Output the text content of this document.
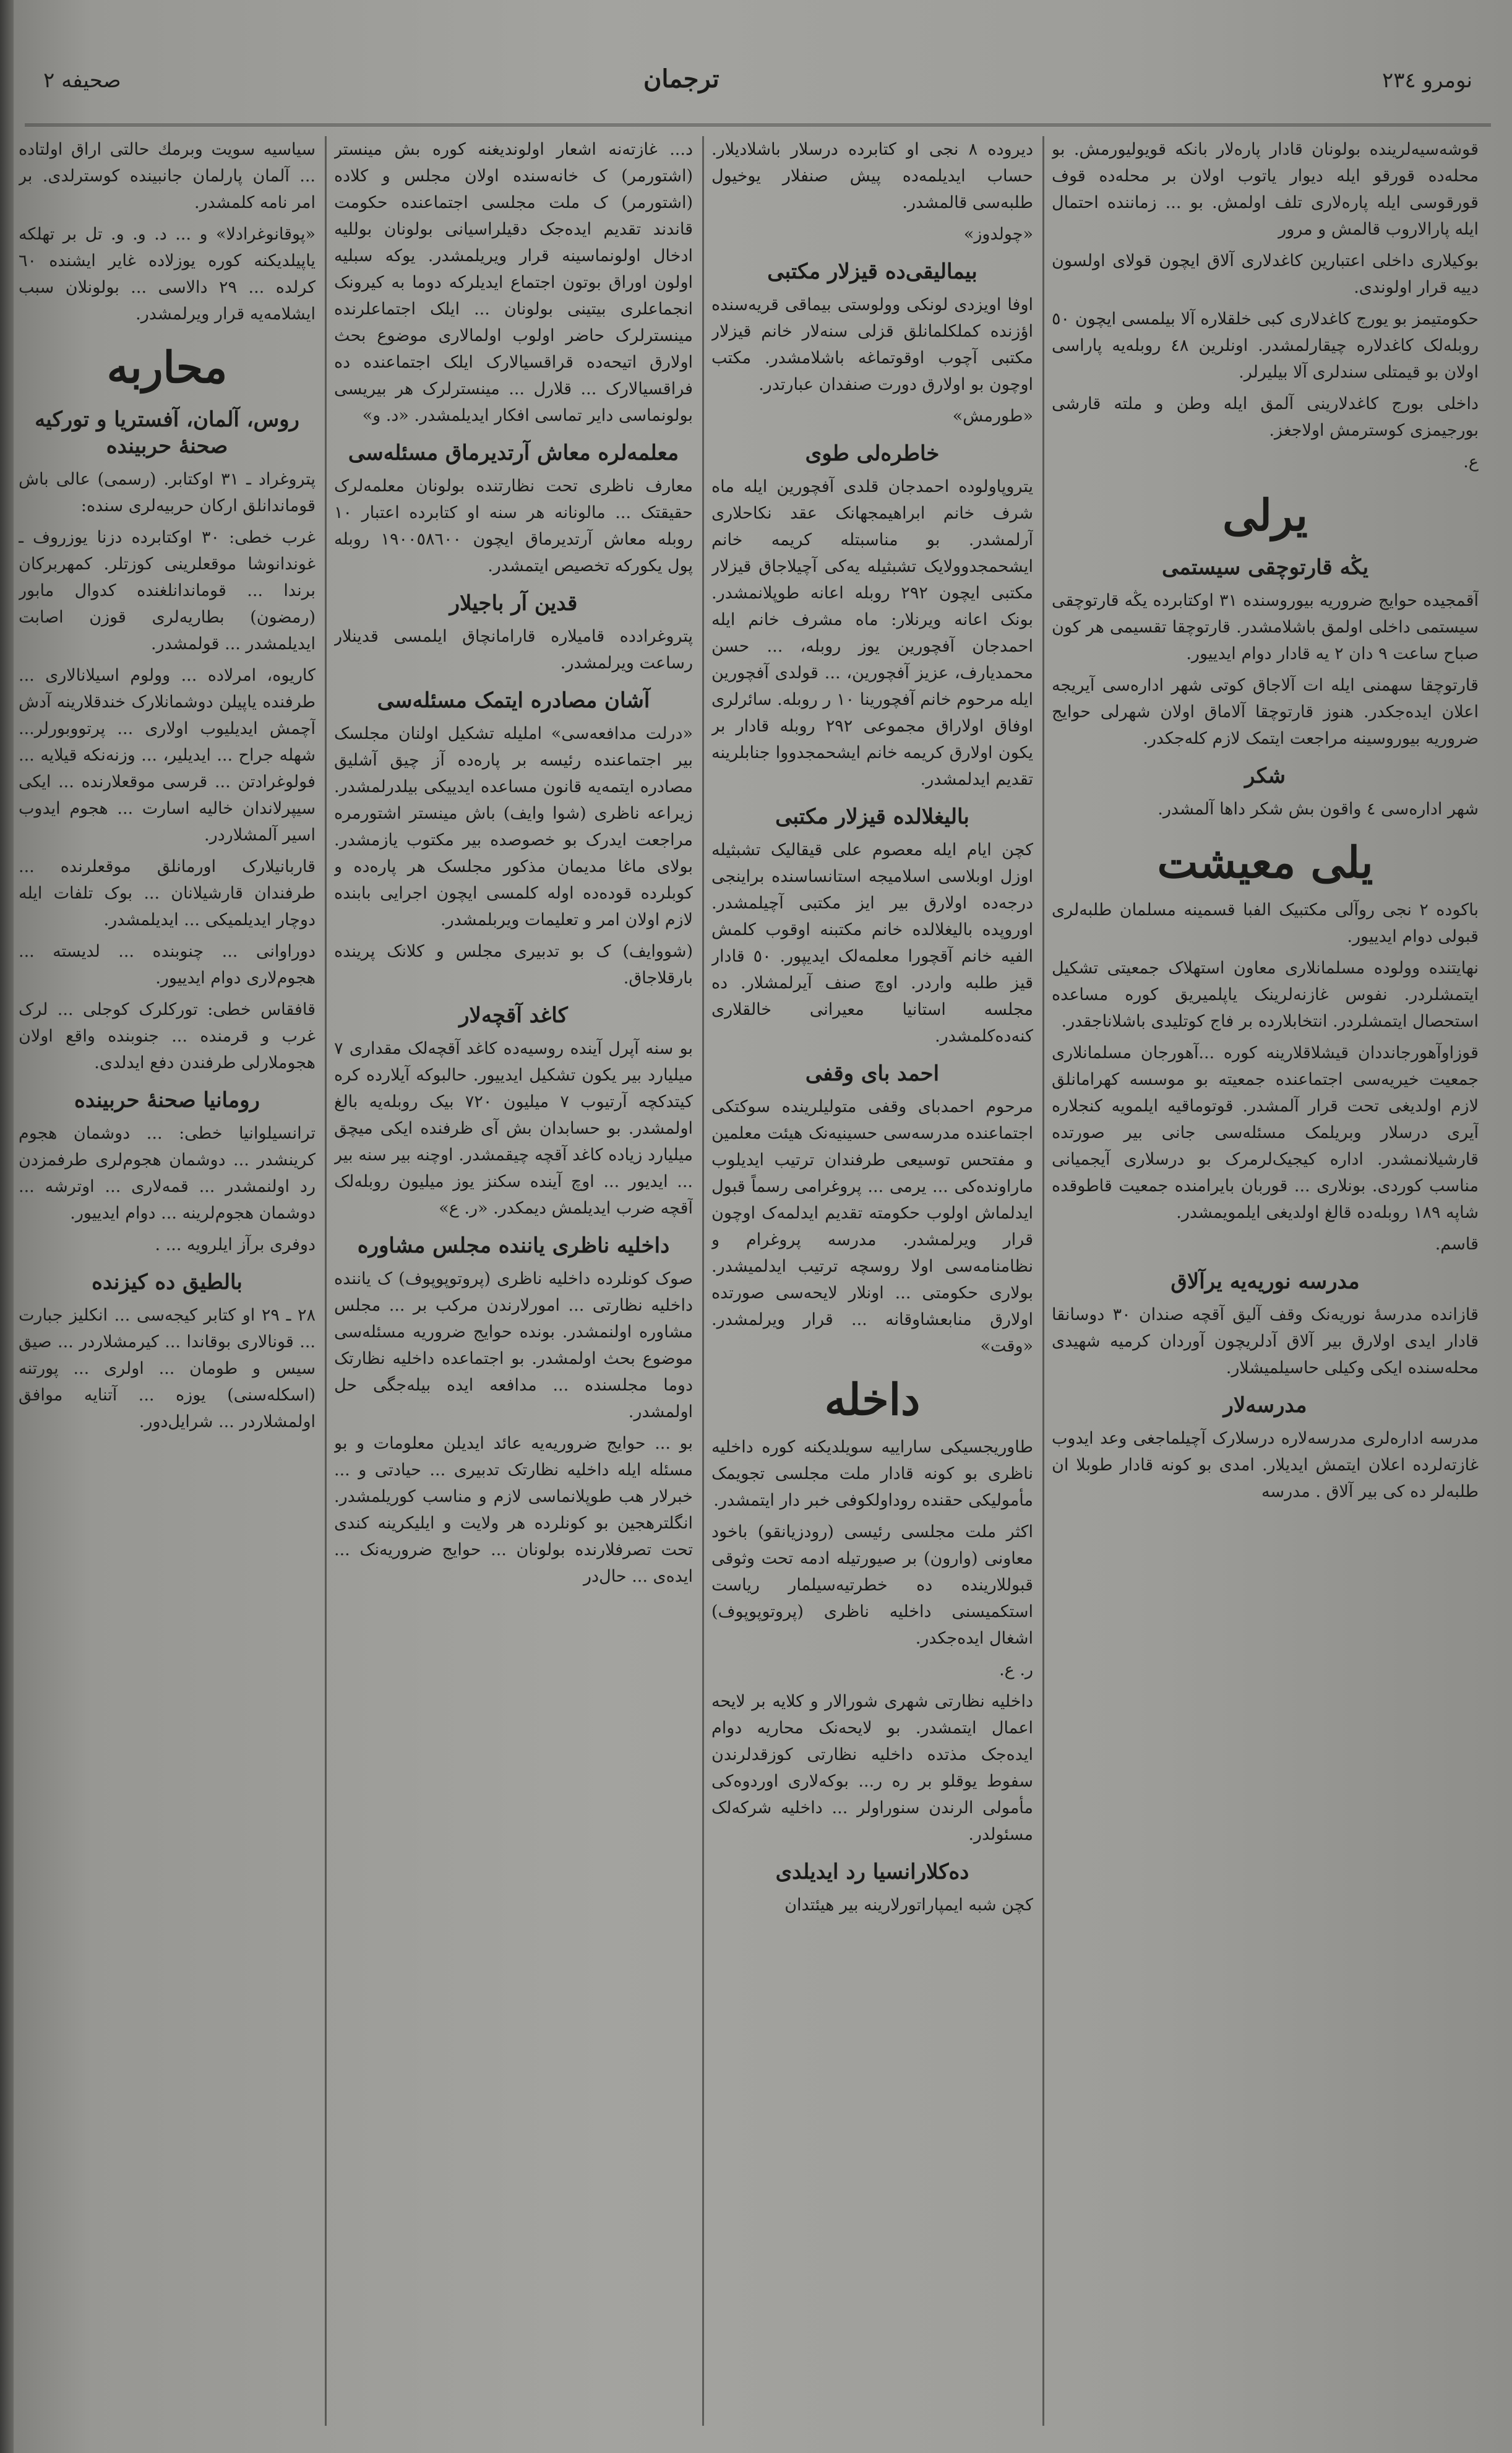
صحیفه ۲	ترجمان	نومرو ۲۳٤

قوشه‌سیه‌لرینده بولونان قادار پاره‌لار بانکه قویولیورمش. بو محله‌ده قورقو ایله دیوار یاتوب اولان بر محله‌ده قوف قورقوسی ایله پاره‌لاری تلف اولمش. بو ... زماننده احتمال ایله پارالاروب قالمش و مرور

بوکیلاری داخلی اعتبارین کاغدلاری آلاق ایچون قولای اولسون دییه قرار اولوندی.

حکومتیمز بو یورج کاغدلاری کبی خلقلاره آلا بیلمسی ایچون ٥٠ روبله‌لک کاغدلاره چیقارلمشدر. اونلرین ٤٨ روبله‌یه پاراسی اولان بو قیمتلی سندلری آلا بیلیرلر.

داخلی بورج کاغدلارینی آلمق ایله وطن و ملته قارشی بورجیمزی کوسترمش اولاجغز.

ع.

یرلی
یڭه قارتوچقی سیستمی

آقمجیده حوایج ضروریه بیوروسنده ۳۱ اوکتابرده یڭه قارتوچقی سیستمی داخلی اولمق باشلامشدر. قارتوچقا تقسیمی هر کون صباح ساعت ۹ دان ۲ یه قادار دوام ایدییور.

قارتوچقا سهمنی ایله ات آلاجاق کوتی شهر اداره‌سی آیریجه اعلان ایده‌جکدر. هنوز قارتوچقا آلاماق اولان شهرلی حوایج ضروریه بیوروسینه مراجعت ایتمک لازم کله‌جکدر.

شکر

شهر اداره‌سی ٤ واقون بش شکر داها آلمشدر.

یلی معیشت

باکوده ۲ نجی روآلی مکتبیک الفبا قسمینه مسلمان طلبه‌لری قبولی دوام ایدییور.

نهایتنده وولوده مسلمانلاری معاون استهلاک جمعیتی تشکیل ایتمشلردر. نفوس غازنه‌لرینک یاپلمیریق کوره مساعده استحصال ایتمشلردر. انتخابلارده بر فاج کوتلیدی باشلاناجقدر.

قوزاوآهورجانددان قیشلاقلارینه کوره ...آهورجان مسلمانلاری جمعیت خیریه‌سی اجتماعنده جمعیته بو موسسه کهرامانلق لازم اولدیغی تحت قرار آلمشدر. قوتوماقیه ایلمویه کنجلاره آیری درسلار وبریلمک مسئله‌سی جانی بیر صورتده قارشیلانمشدر. اداره کیجیک‌لرمرک بو درسلاری آیجمیانی مناسب کوردی. بونلاری ... قوربان بایرامنده جمعیت قاطوقده شاپه ۱۸۹ روبله‌ده قالغ اولدیغی ایلمویمشدر.

قاسم.

مدرسه نوریه‌یه یرآلاق

قازانده مدرسهٔ نوریه‌نک وقف آلیق آقچه صندان ۳۰ دوسانقا قادار ایدی اولارق بیر آلاق آدلریچون آوردان کرمیه شهیدی محله‌سنده ایکی وکیلی حاسیلمیشلار.

مدرسه‌لار

مدرسه اداره‌لری مدرسه‌لاره درسلارک آچیلماجغی وعد ایدوب غازته‌لرده اعلان ایتمش ایدیلار. امدی بو کونه قادار طوبلا ان طلبه‌لر ده کی بیر آلاق . مدرسه

دیروده ۸ نجی او کتابرده درسلار باشلادیلار. حساب ایدیلمه‌ده پیش صنفلار یوخیول طلبه‌سی قالمشدر.

«چولدوز»

بیمالیقی‌ده قیزلار مکتبی

اوفا اویزدی لونکی وولوستی بیماقی قریه‌سنده اؤزنده کملکلمانلق قزلی سنه‌لار خانم قیزلار مکتبی آچوب اوقوتماغه باشلامشدر. مکتب اوچون بو اولارق دورت صنفدان عبارتدر.

«طورمش»

خاطره‌لی طوی

یتروپاولوده احمدجان قلدی آفچورین ایله ماه شرف خانم ابراهیمجهانک عقد نکاحلاری آرلمشدر. بو مناسبتله کریمه خانم ایشحمجدوولایک تشبثیله یه‌کی آچیلاجاق قیزلار مکتبی ایچون ۲۹۲ روبله اعانه طوپلانمشدر. بونک اعانه ویرنلار: ماه مشرف خانم ایله احمدجان آفچورین یوز روبله، ... حسن محمدیارف، عزیز آفچورین، ... قولدی آفچورین ایله مرحوم خانم آفچورینا ۱۰ ر روبله. سائرلری اوفاق اولاراق مجموعی ۲۹۲ روبله قادار بر یکون اولارق کریمه خانم ایشحمجدووا جنابلرینه تقدیم ایدلمشدر.

بالیغلالده قیزلار مکتبی

کچن ایام ایله معصوم علی قیقالیک تشبثیله اوزل اوبلاسی اسلامیجه استانساسنده براینجی درجه‌ده اولارق بیر ایز مکتبی آچیلمشدر. اوروپده بالیغلالده خانم مکتبنه اوقوب کلمش الفیه خانم آقچورا معلمه‌لک ایدیپور. ٥٠ قادار قیز طلبه واردر. اوچ صنف آیرلمشلار. ده مجلسه استانیا معیرانی خالقلاری کنه‌ده‌کلمشدر.

احمد بای وقفی

مرحوم احمدبای وقفی متولیلرینده سوکتکی اجتماعنده مدرسه‌سی حسینیه‌نک هیئت معلمین و مفتحس توسیعی طرفندان ترتیب ایدیلوب ماراونده‌کی ... یرمی ... پروغرامی رسماً قبول ایدلماش اولوب حکومته تقدیم ایدلمه‌ک اوچون قرار ویرلمشدر. مدرسه پروغرام و نظامنامه‌سی اولا روسچه ترتیب ایدلمیشدر. بولاری حکومتی ... اونلار لایحه‌سی صورتده اولارق منابعشاوقانه ... قرار ویرلمشدر. «وقت»

داخله

طاوریجسیکی ساراییه سویلدیکنه کوره داخلیه ناظری بو کونه قادار ملت مجلسی تجویمک مأمولیکی حقنده روداولکوفی خبر دار ایتمشدر.

اکثر ملت مجلسی رئیسی (رودزیانقو) باخود معاونی (وارون) بر صیورتیله ادمه تحت وثوقی قبوللارینده ده خطرتیه‌سیلمار ریاست استکمیسنی داخلیه ناظری (پروتوپوپوف) اشغال ایده‌جکدر.

ر. ع.

داخلیه نظارتی شهری شورالار و کلایه بر لایحه اعمال ایتمشدر. بو لایحه‌نک محاریه دوام ایده‌جک مذتده داخلیه نظارتی کوزقدلرندن سفوط یوقلو بر ره ر... بوکه‌لاری اوردوه‌کی مأمولی الرندن سنوراولر ... داخلیه شرکه‌لک مسئولدر.

ده‌کلارانسیا رد ایدیلدی

کچن شبه ایمپاراتورلارینه بیر هیئتدان

د... غازته‌نه اشعار اولوندیغنه کوره بش مینستر (اشتورمر) ک خانه‌سنده اولان مجلس و کلاده (اشتورمر) ک ملت مجلسی اجتماعنده حکومت قاندند تقدیم ایده‌جک دقیلراسیانی بولونان بوللیه ادخال اولونماسینه قرار ویریلمشدر. یوکه سبلیه اولون اوراق بوتون اجتماع ایدیلرکه دوما به کیرونک انجماعلری بیتینی بولونان ... ایلک اجتماعلرنده مینسترلرک حاضر اولوب اولمالاری موضوع بحث اولارق اتیحه‌ده قراقسیالارک ایلک اجتماعنده ده فراقسیالارک ... قلارل ... مینسترلرک هر بیریسی بولونماسی دایر تماسی افکار ایدیلمشدر. «د. و»

معلمه‌لره معاش آرتدیرماق مسئله‌سی

معارف ناظری تحت نظارتنده بولونان معلمه‌لرک حقیقتک ... مالونانه هر سنه او کتابرده اعتبار ۱۰ روبله معاش آرتدیرماق ایچون ۱۹۰۰٥۸٦۰۰ روبله پول یکورکه تخصیص ایتمشدر.

قدین آر باجیلار

پتروغرادده قامیلاره قارامانچاق ایلمسی قدینلار رساعت ویرلمشدر.

آشان مصادره ایتمک مسئله‌سی

«درلت مدافعه‌سی» املیله تشکیل اولنان مجلسک بیر اجتماعنده رئیسه بر پاره‌ده آز چیق آشلیق مصادره ایتمه‌یه قانون مساعده ایدییکی بیلدرلمشدر. زیراعه ناظری (شوا وایف) باش مینستر اشتورمره مراجعت ایدرک بو خصوصده بیر مکتوب یازمشدر. بولای ماغا مدیمان مذکور مجلسک هر پاره‌ده و کوبلرده قوده‌ده اوله کلمسی ایچون اجرایی بابنده لازم اولان امر و تعلیمات ویربلمشدر.

(شووایف) ک بو تدبیری مجلس و کلانک پرینده بارقلاجاق.

کاغد آقچه‌لار

بو سنه آپرل آینده روسیه‌ده کاغد آقچه‌لک مقداری ۷ میلیارد بیر یکون تشکیل ایدییور. حالبوکه آیلارده کره کیتدکچه آرتیوب ۷ میلیون ۷۲۰ بیک روبله‌یه بالغ اولمشدر. بو حسابدان بش آی ظرفنده ایکی میچق میلیارد زیاده کاغد آقچه چیقمشدر. اوچنه بیر سنه بیر ... ایدیور ... اوچ آینده سکنز یوز میلیون روبله‌لک آقچه ضرب ایدیلمش دیمکدر. «ر. ع»

داخلیه ناظری یاننده مجلس مشاوره

صوک کونلرده داخلیه ناظری (پروتوپوپوف) ک یاننده داخلیه نظارتی ... امورلارندن مرکب بر ... مجلس مشاوره اولنمشدر. بونده حوایج ضروریه مسئله‌سی موضوع بحث اولمشدر. بو اجتماعده داخلیه نظارتک دوما مجلسنده ... مدافعه ایده بیله‌جگی حل اولمشدر.

بو ... حوایج ضروریه‌یه عائد ایدیلن معلومات و بو مسئله ایله داخلیه نظارتک تدبیری ... حیادتی و ... خبرلار هب طوپلانماسی لازم و مناسب کوریلمشدر. انگلترهجین بو کونلرده هر ولایت و ایلیکرینه کندی تحت تصرفلارنده بولونان ... حوایج ضروریه‌نک ... ایده‌ی ... حال‌در

سیاسیه سویت وبرمك حالتی اراق اولتاده ... آلمان پارلمان جانبینده کوسترلدی. بر امر نامه کلمشدر.

«پوقانوغرادلا» و ... د. و. و. تل بر تهلکه یاپیلدیکنه کوره یوزلاده غایر ایشنده ٦٠ کرلده ... ۲۹ دالاسی ... بولونلان سبب ایشلامه‌یه قرار ویرلمشدر.

محاربه
روس، آلمان، آفستریا و تورکیه صحنهٔ حربینده

پتروغراد ـ ۳۱ اوکتابر. (رسمی) عالی باش قوماندانلق ارکان حربیه‌لری سنده:

غرب خطی: ۳۰ اوکتابرده دزنا یوزروف ـ غوندانوشا موقعلرینی کوزتلر. کمهربرکان برندا ... قوماندانلغنده کدوال مابور (رمضون) بطاریه‌لری قوزن اصابت ایدیلمشدر ... قولمشدر.

کاریوه، امرلاده ... وولوم اسیلانالاری ... طرفنده یاپیلن دوشمانلارک خندقلارینه آدش آچمش ایدیلیوب اولاری ... پرتووبورلر... شهله جراح ... ایدیلیر، ... وزنه‌نکه قیلایه ... فولوغرادتن ... قرسی موقعلارنده ... ایکی سیپرلاندان خالیه اسارت ... هجوم ایدوب اسیر آلمشلاردر.

قاربانیلارک اورمانلق موقعلرنده ... طرفندان قارشیلانان ... بوک تلفات ایله دوچار ایدیلمیکی ... ایدیلمشدر.

دوراوانی ... چنوبنده ... لدیسته ... هجوم‌لاری دوام ایدییور.

قافقاس خطی: تورکلرک کوجلی ... لرک غرب و قرمنده ... جنوبنده واقع اولان هجوملارلی طرفندن دفع ایدلدی.

رومانیا صحنهٔ حربینده

ترانسیلوانیا خطی: ... دوشمان هجوم کرینشدر ... دوشمان هجوم‌لری طرفمزدن رد اولنمشدر ... قمه‌لاری ... اوترشه ... دوشمان هجوم‌لرینه ... دوام ایدییور.

دوفری برآز ایلرویه ... .

بالطیق ده کیزنده

۲۸ ـ ۲۹ او کتابر کیجه‌سی ... انکلیز جبارت ... قونالاری بوقاندا ... کیرمشلاردر ... صیق سیس و طومان ... اولری ... پورتنه (اسکله‌سنی) یوزه ... آتنایه موافق اولمشلاردر ... شرایل‌دور.
